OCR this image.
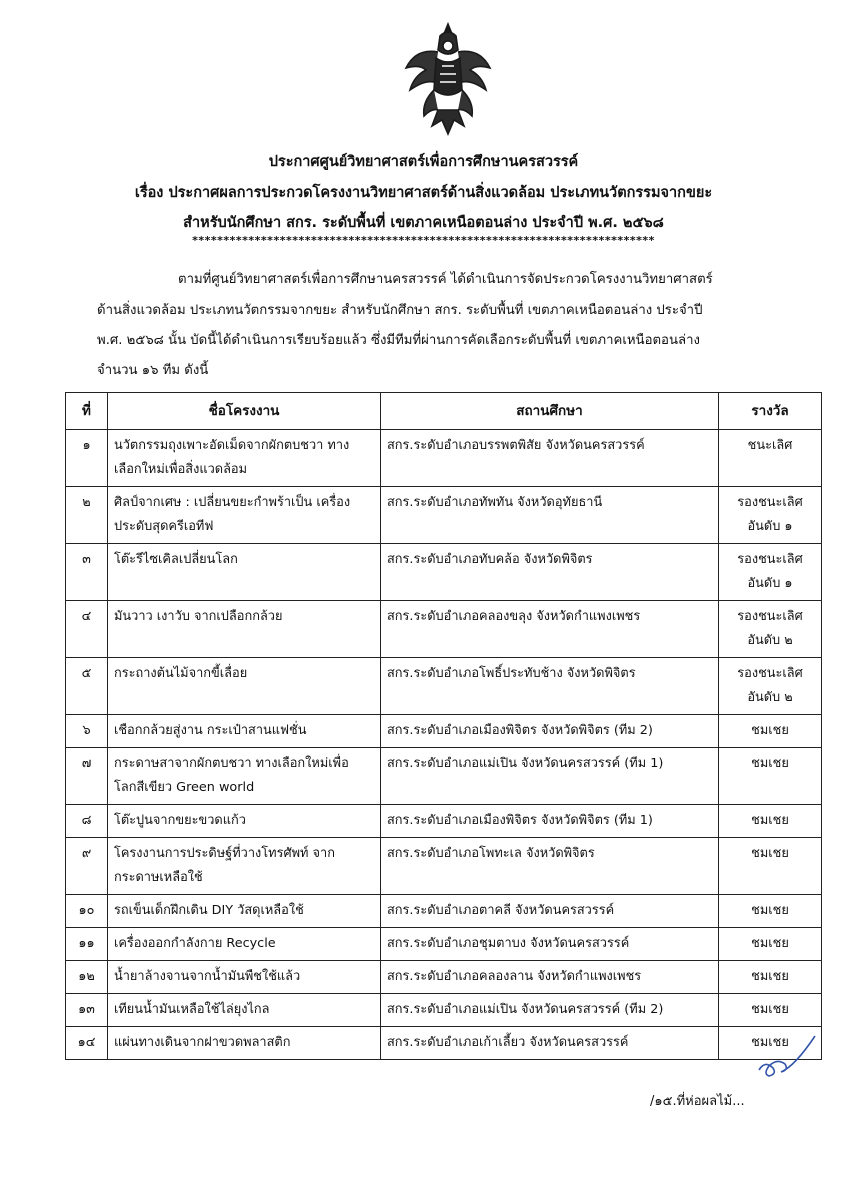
ประกาศศูนย์วิทยาศาสตร์เพื่อการศึกษานครสวรรค์
เรื่อง ประกาศผลการประกวดโครงงานวิทยาศาสตร์ด้านสิ่งแวดล้อม ประเภทนวัตกรรมจากขยะ
สำหรับนักศึกษา สกร. ระดับพื้นที่ เขตภาคเหนือตอนล่าง ประจำปี พ.ศ. ๒๕๖๘
**************************************************************************
ตามที่ศูนย์วิทยาศาสตร์เพื่อการศึกษานครสวรรค์ ได้ดำเนินการจัดประกวดโครงงานวิทยาศาสตร์
ด้านสิ่งแวดล้อม ประเภทนวัตกรรมจากขยะ สำหรับนักศึกษา สกร. ระดับพื้นที่ เขตภาคเหนือตอนล่าง ประจำปี
พ.ศ. ๒๕๖๘ นั้น บัดนี้ได้ดำเนินการเรียบร้อยแล้ว ซึ่งมีทีมที่ผ่านการคัดเลือกระดับพื้นที่ เขตภาคเหนือตอนล่าง
จำนวน ๑๖ ทีม ดังนี้
ที่	ชื่อโครงงาน	สถานศึกษา	รางวัล
๑	นวัตกรรมถุงเพาะอัดเม็ดจากผักตบชวา ทางเลือกใหม่เพื่อสิ่งแวดล้อม	สกร.ระดับอำเภอบรรพตพิสัย จังหวัดนครสวรรค์	ชนะเลิศ
๒	ศิลป์จากเศษ : เปลี่ยนขยะกำพร้าเป็น เครื่องประดับสุดครีเอทีฟ	สกร.ระดับอำเภอทัพทัน จังหวัดอุทัยธานี	รองชนะเลิศอันดับ ๑
๓	โต๊ะรีไซเคิลเปลี่ยนโลก	สกร.ระดับอำเภอทับคล้อ จังหวัดพิจิตร	รองชนะเลิศอันดับ ๑
๔	มันวาว เงาวับ จากเปลือกกล้วย	สกร.ระดับอำเภอคลองขลุง จังหวัดกำแพงเพชร	รองชนะเลิศอันดับ ๒
๕	กระถางต้นไม้จากขี้เลื่อย	สกร.ระดับอำเภอโพธิ์ประทับช้าง จังหวัดพิจิตร	รองชนะเลิศอันดับ ๒
๖	เชือกกล้วยสู่งาน กระเป๋าสานแฟชั่น	สกร.ระดับอำเภอเมืองพิจิตร จังหวัดพิจิตร (ทีม 2)	ชมเชย
๗	กระดาษสาจากผักตบชวา ทางเลือกใหม่เพื่อ โลกสีเขียว Green world	สกร.ระดับอำเภอแม่เปิน จังหวัดนครสวรรค์ (ทีม 1)	ชมเชย
๘	โต๊ะปูนจากขยะขวดแก้ว	สกร.ระดับอำเภอเมืองพิจิตร จังหวัดพิจิตร (ทีม 1)	ชมเชย
๙	โครงงานการประดิษฐ์ที่วางโทรศัพท์ จากกระดาษเหลือใช้	สกร.ระดับอำเภอโพทะเล จังหวัดพิจิตร	ชมเชย
๑๐	รถเข็นเด็กฝึกเดิน DIY วัสดุเหลือใช้	สกร.ระดับอำเภอตาคลี จังหวัดนครสวรรค์	ชมเชย
๑๑	เครื่องออกกำลังกาย Recycle	สกร.ระดับอำเภอชุมตาบง จังหวัดนครสวรรค์	ชมเชย
๑๒	น้ำยาล้างจานจากน้ำมันพืชใช้แล้ว	สกร.ระดับอำเภอคลองลาน จังหวัดกำแพงเพชร	ชมเชย
๑๓	เทียนน้ำมันเหลือใช้ไล่ยุงไกล	สกร.ระดับอำเภอแม่เปิน จังหวัดนครสวรรค์ (ทีม 2)	ชมเชย
๑๔	แผ่นทางเดินจากฝาขวดพลาสติก	สกร.ระดับอำเภอเก้าเลี้ยว จังหวัดนครสวรรค์	ชมเชย
/๑๕.ที่ห่อผลไม้...
